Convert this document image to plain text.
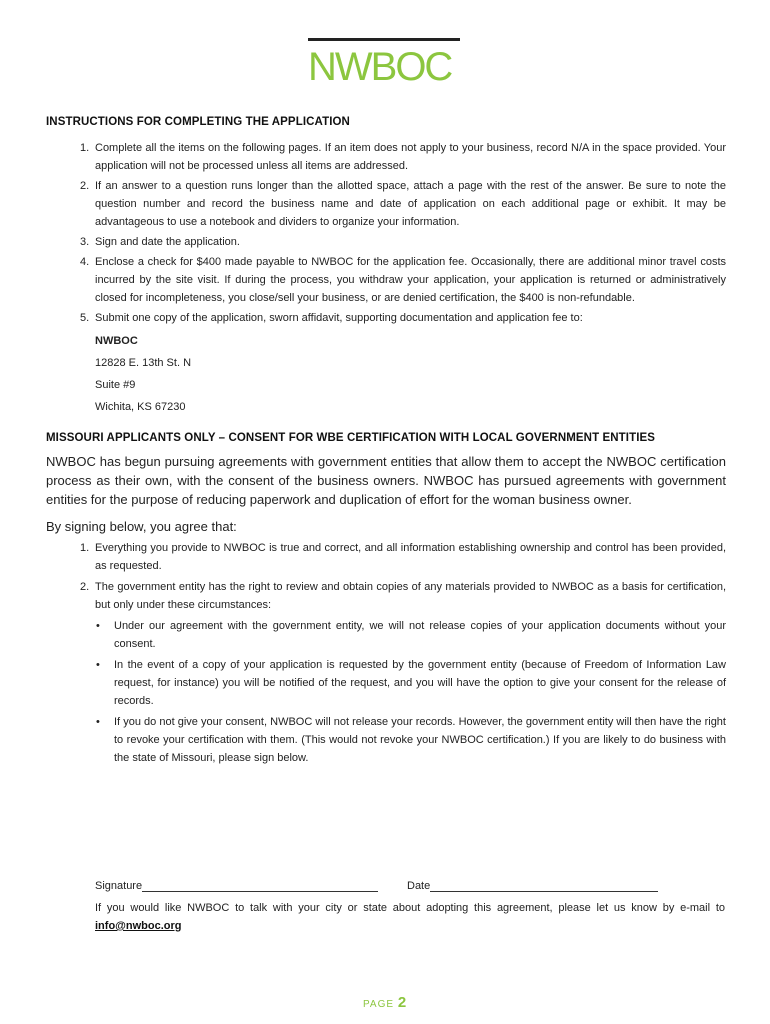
NWBOC
INSTRUCTIONS FOR COMPLETING THE APPLICATION
1. Complete all the items on the following pages. If an item does not apply to your business, record N/A in the space provided. Your application will not be processed unless all items are addressed.
2. If an answer to a question runs longer than the allotted space, attach a page with the rest of the answer. Be sure to note the question number and record the business name and date of application on each additional page or exhibit. It may be advantageous to use a notebook and dividers to organize your information.
3. Sign and date the application.
4. Enclose a check for $400 made payable to NWBOC for the application fee. Occasionally, there are additional minor travel costs incurred by the site visit. If during the process, you withdraw your application, your application is returned or administratively closed for incompleteness, you close/sell your business, or are denied certification, the $400 is non-refundable.
5. Submit one copy of the application, sworn affidavit, supporting documentation and application fee to:
NWBOC
12828 E. 13th St. N
Suite #9
Wichita, KS 67230
MISSOURI APPLICANTS ONLY – CONSENT FOR WBE CERTIFICATION WITH LOCAL GOVERNMENT ENTITIES

NWBOC has begun pursuing agreements with government entities that allow them to accept the NWBOC certification process as their own, with the consent of the business owners. NWBOC has pursued agreements with government entities for the purpose of reducing paperwork and duplication of effort for the woman business owner.

By signing below, you agree that:

1. Everything you provide to NWBOC is true and correct, and all information establishing ownership and control has been provided, as requested.
2. The government entity has the right to review and obtain copies of any materials provided to NWBOC as a basis for certification, but only under these circumstances:
• Under our agreement with the government entity, we will not release copies of your application documents without your consent.
• In the event of a copy of your application is requested by the government entity (because of Freedom of Information Law request, for instance) you will be notified of the request, and you will have the option to give your consent for the release of records.
• If you do not give your consent, NWBOC will not release your records. However, the government entity will then have the right to revoke your certification with them. (This would not revoke your NWBOC certification.) If you are likely to do business with the state of Missouri, please sign below.
Signature	Date
If you would like NWBOC to talk with your city or state about adopting this agreement, please let us know by e-mail to info@nwboc.org
PAGE 2
